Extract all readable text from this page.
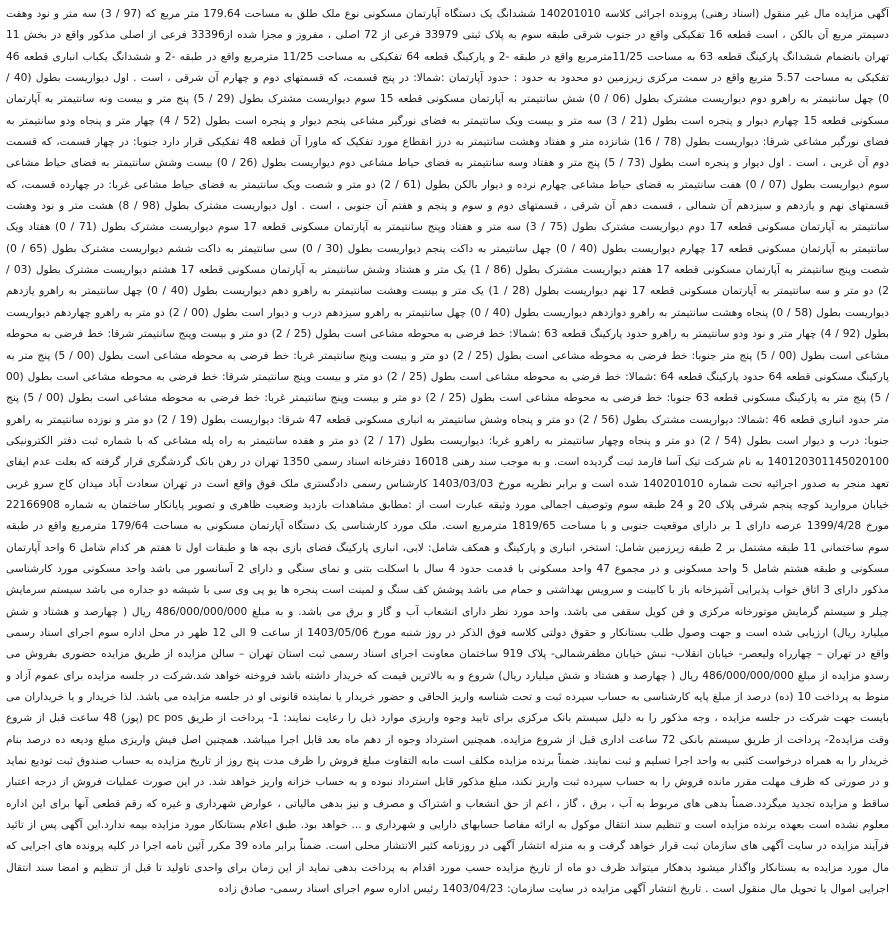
آگهی مزایده مال غیر منقول (اسناد رهنی) پرونده اجرائی کلاسه 140201010 ششدانگ یک دستگاه آپارتمان مسکونی نوع ملک طلق به مساحت 179.64 متر مربع که (97 / 3) سه متر و نود وهفت دسیمتر مربع آن بالکن ، است قطعه 16 تفکیکی واقع در جنوب شرقی طبقه سوم به پلاک ثبتی 33979 فرعی از 72 اصلی ، مفروز و مجزا شده از33396 فرعی از اصلی مذکور واقع در بخش 11 تهران بانضمام ششدانگ پارکینگ قطعه 63 به مساحت 11/25مترمربع واقع در طبقه -2 و پارکینگ قطعه 64 تفکیکی به مساحت 11/25 مترمربع واقع در طبقه -2 و ششدانگ یکباب انباری قطعه 46 تفکیکی به مساحت 5.57 متربع واقع در سمت مرکزی زیرزمین دو محدود به حدود : حدود آپارتمان :شمالا: در پنج قسمت، که قسمتهای دوم و چهارم آن شرقی ، است . اول دیواریست بطول (40 / 0) چهل سانتیمتر به راهرو دوم دیواریست مشترک بطول (06 / 0) شش سانتیمتر به آپارتمان مسکونی قطعه 15 سوم دیواریست مشترک بطول (29 / 5) پنج متر و بیست ونه سانتیمتر به آپارتمان مسکونی قطعه 15 چهارم دیوار و پنجره است بطول (21 / 3) سه متر و بیست ویک سانتیمتر به فضای نورگیر مشاعی پنجم دیوار و پنجره است بطول (52 / 4) چهار متر و پنجاه ودو سانتیمتر به فضای نورگیر مشاعی شرقا: دیواریست بطول (78 / 16) شانزده متر و هفتاد وهشت سانتیمتر به درز انقطاع مورد تفکیک که ماورا آن قطعه 48 تفکیکی قرار دارد جنوبا: در چهار قسمت، که قسمت دوم آن غربی ، است . اول دیوار و پنجره است بطول (73 / 5) پنج متر و هفتاد وسه سانتیمتر به فضای حیاط مشاعی دوم دیواریست بطول (26 / 0) بیست وشش سانتیمتر به فضای حیاط مشاعی سوم دیواریست بطول (07 / 0) هفت سانتیمتر به فضای حیاط مشاعی چهارم نرده و دیوار بالکن بطول (61 / 2) دو متر و شصت ویک سانتیمتر به فضای حیاط مشاعی غربا: در چهارده قسمت، که قسمتهای نهم و یازدهم و سیزدهم آن شمالی ، قسمت دهم آن شرقی ، قسمتهای دوم و سوم و پنجم و هفتم آن جنوبی ، است . اول دیواریست مشترک بطول (98 / 8) هشت متر و نود وهشت سانتیمتر به آپارتمان مسکونی قطعه 17 دوم دیواریست مشترک بطول (75 / 3) سه متر و هفتاد وپنج سانتیمتر به آپارتمان مسکونی قطعه 17 سوم دیواریست مشترک بطول (71 / 0) هفتاد ویک سانتیمتر به آپارتمان مسکونی قطعه 17 چهارم دیواریست بطول (40 / 0) چهل سانتیمتر به داکت پنجم دیواریست بطول (30 / 0) سی سانتیمتر به داکت ششم دیواریست مشترک بطول (65 / 0) شصت وپنج سانتیمتر به آپارتمان مسکونی قطعه 17 هفتم دیواریست مشترک بطول (86 / 1) یک متر و هشتاد وشش سانتیمتر به آپارتمان مسکونی قطعه 17 هشتم دیواریست مشترک بطول (03 / 2) دو متر و سه سانتیمتر به آپارتمان مسکونی قطعه 17 نهم دیواریست بطول (28 / 1) یک متر و بیست وهشت سانتیمتر به راهرو دهم دیواریست بطول (40 / 0) چهل سانتیمتر به راهرو یازدهم دیواریست بطول (58 / 0) پنجاه وهشت سانتیمتر به راهرو دوازدهم دیواریست بطول (40 / 0) چهل سانتیمتر به راهرو سیزدهم درب و دیوار است بطول (00 / 2) دو متر به راهرو چهاردهم دیواریست بطول (92 / 4) چهار متر و نود ودو سانتیمتر به راهرو حدود پارکینگ قطعه 63 :شمالا: خط فرضی به محوطه مشاعی است بطول (25 / 2) دو متر و بیست وپنج سانتیمتر شرقا: خط فرضی به محوطه مشاعی است بطول (00 / 5) پنج متر جنوبا: خط فرضی به محوطه مشاعی است بطول (25 / 2) دو متر و بیست وپنج سانتیمتر غربا: خط فرضی به محوطه مشاعی است بطول (00 / 5) پنج متر به پارکینگ مسکونی قطعه 64 حدود پارکینگ قطعه 64 :شمالا: خط فرضی به محوطه مشاعی است بطول (25 / 2) دو متر و بیست وپنج سانتیمتر شرقا: خط فرضی به محوطه مشاعی است بطول (00 / 5) پنج متر به پارکینگ مسکونی قطعه 63 جنوبا: خط فرضی به محوطه مشاعی است بطول (25 / 2) دو متر و بیست وپنج سانتیمتر غربا: خط فرضی به محوطه مشاعی است بطول (00 / 5) پنج متر حدود انباری قطعه 46 :شمالا: دیواریست مشترک بطول (56 / 2) دو متر و پنجاه وشش سانتیمتر به انباری مسکونی قطعه 47 شرقا: دیواریست بطول (19 / 2) دو متر و نوزده سانتیمتر به راهرو جنوبا: درب و دیوار است بطول (54 / 2) دو متر و پنجاه وچهار سانتیمتر به راهرو غربا: دیواریست بطول (17 / 2) دو متر و هفده سانتیمتر به راه پله مشاعی که با شماره ثبت دفتر الکترونیکی 140120301145020100 به نام شرکت تیک آسا فارمد ثبت گردیده است. و به موجب سند رهنی 16018 دفترخانه اسناد رسمی 1350 تهران در رهن بانک گردشگری قرار گرفته که بعلت عدم ایفای تعهد منجر به صدور اجرائیه تحت شماره 140201010 شده است و برابر نظریه مورخ 1403/03/03 کارشناس رسمی دادگستری ملک فوق واقع است در تهران سعادت آباد میدان کاج سرو غربی خیابان مروارید کوچه پنجم شرقی پلاک 20 و 24 طبقه سوم وتوصیف اجمالی مورد وثیقه عبارت است از :مطابق مشاهدات بازدید وضعیت ظاهری و تصویر پایانکار ساختمان به شماره 22166908 مورخ 1399/4/28 عرصه دارای 1 بر دارای موقعیت جنوبی و با مساحت 1819/65 مترمربع است. ملک مورد کارشناسی یک دستگاه آپارتمان مسکونی به مساحت 179/64 مترمربع واقع در طبقه سوم ساختمانی 11 طبقه مشتمل بر 2 طبقه زیرزمین شامل: استخر، انباری و پارکینگ و همکف شامل: لابی، انباری پارکینگ فضای بازی بچه ها و طبقات اول تا هفتم هر کدام شامل 6 واحد آپارتمان مسکونی و طبقه هشتم شامل 5 واحد مسکونی و در مجموع 47 واحد مسکونی با قدمت حدود 4 سال با اسکلت بتنی و نمای سنگی و دارای 2 آسانسور می باشد واحد مسکونی مورد کارشناسی مذکور دارای 3 اتاق خواب پذیرایی آشپزخانه باز با کابینت و سرویس بهداشتی و حمام می باشد پوشش کف سنگ و لمینت است پنجره ها یو پی وی سی با شیشه دو جداره می باشد سیستم سرمایش چیلر و سیستم گرمایش موتورخانه مرکزی و فن کویل سقفی می باشد. واحد مورد نظر دارای انشعاب آب و گاز و برق می باشد. و به مبلغ 486/000/000/000 ریال ( چهارصد و هشتاد و شش میلیارد ریال) ارزیابی شده است و جهت وصول طلب بستانکار و حقوق دولتی کلاسه فوق الذکر در روز شنبه مورخ 1403/05/06 از ساعت 9 الی 12 ظهر در محل اداره سوم اجرای اسناد رسمی واقع در تهران – چهارراه ولیعصر- خیابان انقلاب- نبش خیابان مظفرشمالی- پلاک 919 ساختمان معاونت اجرای اسناد رسمی ثبت استان تهران – سالن مزایده از طریق مزایده حضوری بفروش می رسدو مزایده از مبلغ 486/000/000/000 ریال ( چهارصد و هشتاد و شش میلیارد ریال) شروع و به بالاترین قیمت که خریدار داشته باشد فروخته خواهد شد.شرکت در جلسه مزایده برای عموم آزاد و منوط به پرداخت 10 (ده) درصد از مبلغ پایه کارشناسی به حساب سپرده ثبت و تحت شناسه واریز الحاقی و حضور خریدار یا نماینده قانونی او در جلسه مزایده می باشد. لذا خریدار و یا خریداران می بایست جهت شرکت در جلسه مزایده ، وجه مذکور را به دلیل سیستم بانک مرکزی برای تایید وجوه واریزی موارد ذیل را رعایت نمایند: 1- پرداخت از طریق pc pos (پوز) 48 ساعت قبل از شروع وقت مزایده2- پرداخت از طریق سیستم بانکی 72 ساعت اداری قبل از شروع مزایده. همچنین استرداد وجوه از دهم ماه بعد قابل اجرا میباشد. همچنین اصل فیش واریزی مبلغ ودیعه ده درصد بنام خریدار را به همراه درخواست کتبی به واحد اجرا تسلیم و ثبت نمایند. ضمناً برنده مزایده مکلف است مابه التفاوت مبلغ فروش را ظرف مدت پنج روز از تاریخ مزایده به حساب صندوق ثبت تودیع نماید و در صورتی که ظرف مهلت مقرر مانده فروش را به حساب سپرده ثبت واریز نکند، مبلغ مذکور قابل استرداد نبوده و به حساب خزانه واریز خواهد شد. در این صورت عملیات فروش از درجه اعتبار ساقط و مزایده تجدید میگردد.ضمناً بدهی های مربوط به آب ، برق ، گاز ، اعم از حق انشعاب و اشتراک و مصرف و نیز بدهی مالیاتی ، عوارض شهرداری و غیره که رقم قطعی آنها برای این اداره معلوم نشده است بعهده برنده مزایده است و تنظیم سند انتقال موکول به ارائه مفاصا حسابهای دارایی و شهرداری و ... خواهد بود. طبق اعلام بستانکار مورد مزایده بیمه ندارد.این آگهی پس از تائید فرآیند مزایده در سایت آگهی های سازمان ثبت قرار خواهد گرفت و به منزله انتشار آگهی در روزنامه کثیر الانتشار محلی است. ضمناً برابر ماده 39 مکرر آئین نامه اجرا در کلیه پرونده های اجرایی که مال مورد مزایده به بستانکار واگذار میشود بدهکار میتواند ظرف دو ماه از تاریخ مزایده حسب مورد اقدام به پرداخت بدهی نماید از این زمان برای واحدی تاولید تا قبل از تنظیم و امضا سند انتقال اجرایی اموال یا تحویل مال منقول است . تاریخ انتشار آگهی مزایده در سایت سازمان: 1403/04/23 رئیس اداره سوم اجرای اسناد رسمی- صادق زاده
